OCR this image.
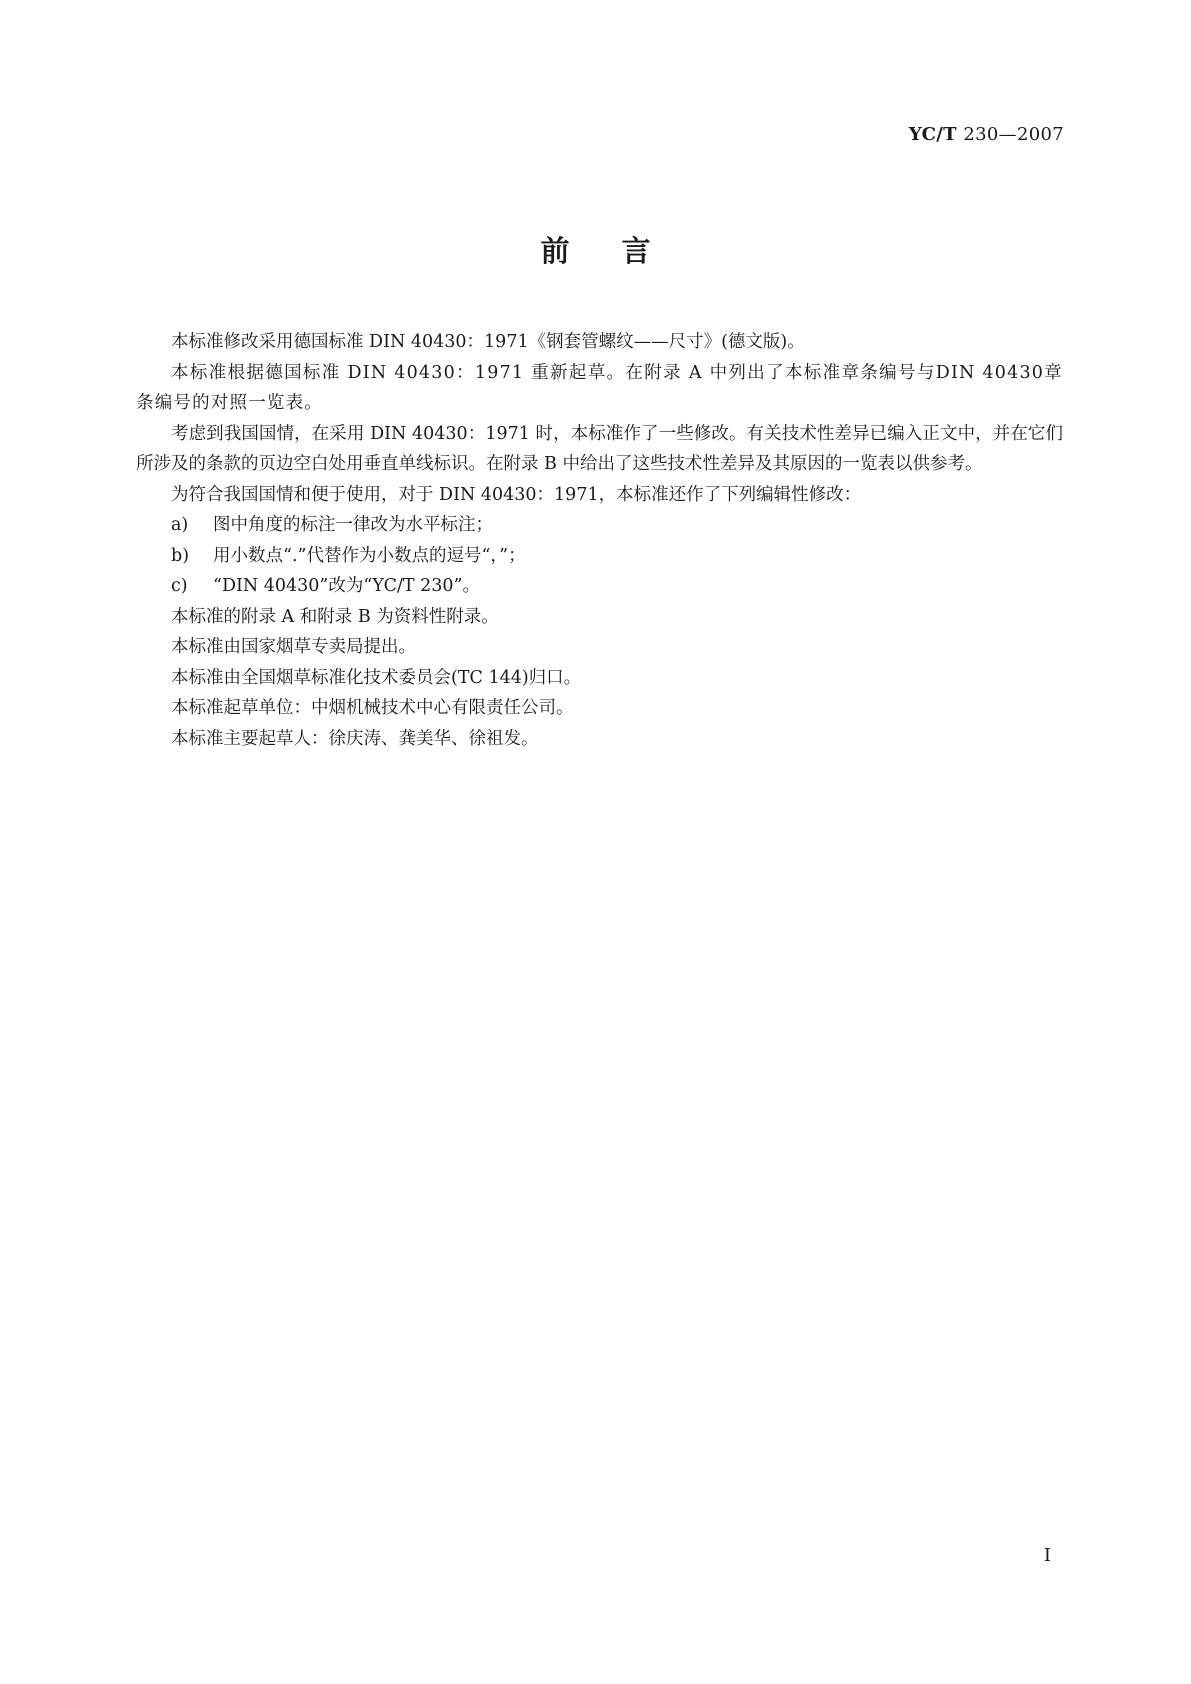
YC/T 230—2007
前言

本标准修改采用德国标准 DIN 40430：1971《钢套管螺纹——尺寸》(德文版)。

本标准根据德国标准 DIN 40430：1971 重新起草。在附录 A 中列出了本标准章条编号与DIN 40430章条编号的对照一览表。

考虑到我国国情，在采用 DIN 40430：1971 时，本标准作了一些修改。有关技术性差异已编入正文中，并在它们所涉及的条款的页边空白处用垂直单线标识。在附录 B 中给出了这些技术性差异及其原因的一览表以供参考。

为符合我国国情和便于使用，对于 DIN 40430：1971，本标准还作了下列编辑性修改：

a) 图中角度的标注一律改为水平标注；

b) 用小数点“.”代替作为小数点的逗号“，”；

c) “DIN 40430”改为“YC/T 230”。

本标准的附录 A 和附录 B 为资料性附录。

本标准由国家烟草专卖局提出。

本标准由全国烟草标准化技术委员会(TC 144)归口。

本标准起草单位：中烟机械技术中心有限责任公司。

本标准主要起草人：徐庆涛、龚美华、徐祖发。

I
